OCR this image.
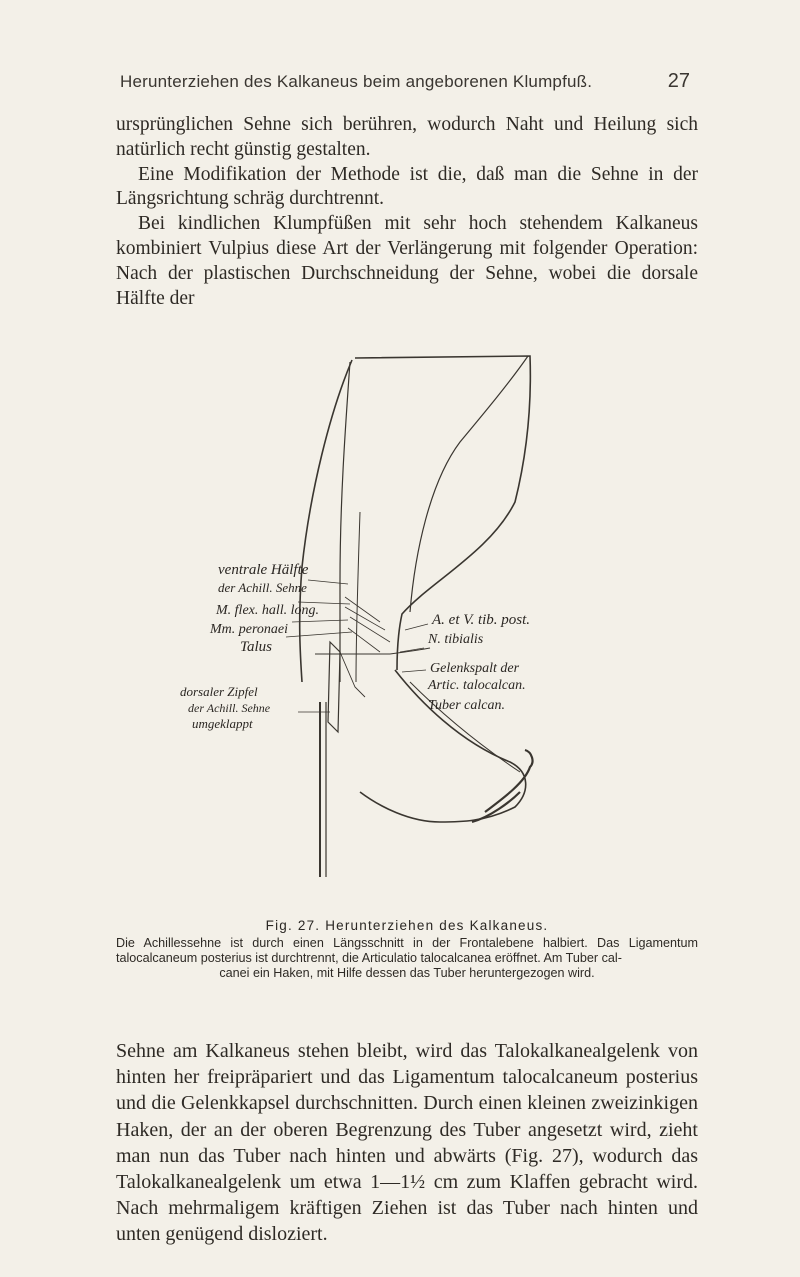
Herunterziehen des Kalkaneus beim angeborenen Klumpfuß.	27

ursprünglichen Sehne sich berühren, wodurch Naht und Heilung sich natürlich recht günstig gestalten.

Eine Modifikation der Methode ist die, daß man die Sehne in der Längsrichtung schräg durchtrennt.

Bei kindlichen Klumpfüßen mit sehr hoch stehendem Kalkaneus kombiniert Vulpius diese Art der Verlängerung mit folgender Operation: Nach der plastischen Durchschneidung der Sehne, wobei die dorsale Hälfte der

ventrale Hälfte
der Achill. Sehne
M. flex. hall. long.
Mm. peronaei
Talus
dorsaler Zipfel
der Achill. Sehne
umgeklappt
A. et V. tib. post.
N. tibialis
Gelenkspalt der
Artic. talocalcan.
Tuber calcan.
Fig. 27. Herunterziehen des Kalkaneus.
Die Achillessehne ist durch einen Längsschnitt in der Frontalebene halbiert. Das Ligamentum talocalcaneum posterius ist durchtrennt, die Articulatio talocalcanea eröffnet. Am Tuber cal-
canei ein Haken, mit Hilfe dessen das Tuber heruntergezogen wird.

Sehne am Kalkaneus stehen bleibt, wird das Talokalkanealgelenk von hinten her freipräpariert und das Ligamentum talocalcaneum posterius und die Gelenkkapsel durchschnitten. Durch einen kleinen zweizinkigen Haken, der an der oberen Begrenzung des Tuber angesetzt wird, zieht man nun das Tuber nach hinten und abwärts (Fig. 27), wodurch das Talokalkanealgelenk um etwa 1—1½ cm zum Klaffen gebracht wird. Nach mehrmaligem kräftigen Ziehen ist das Tuber nach hinten und unten genügend disloziert.
